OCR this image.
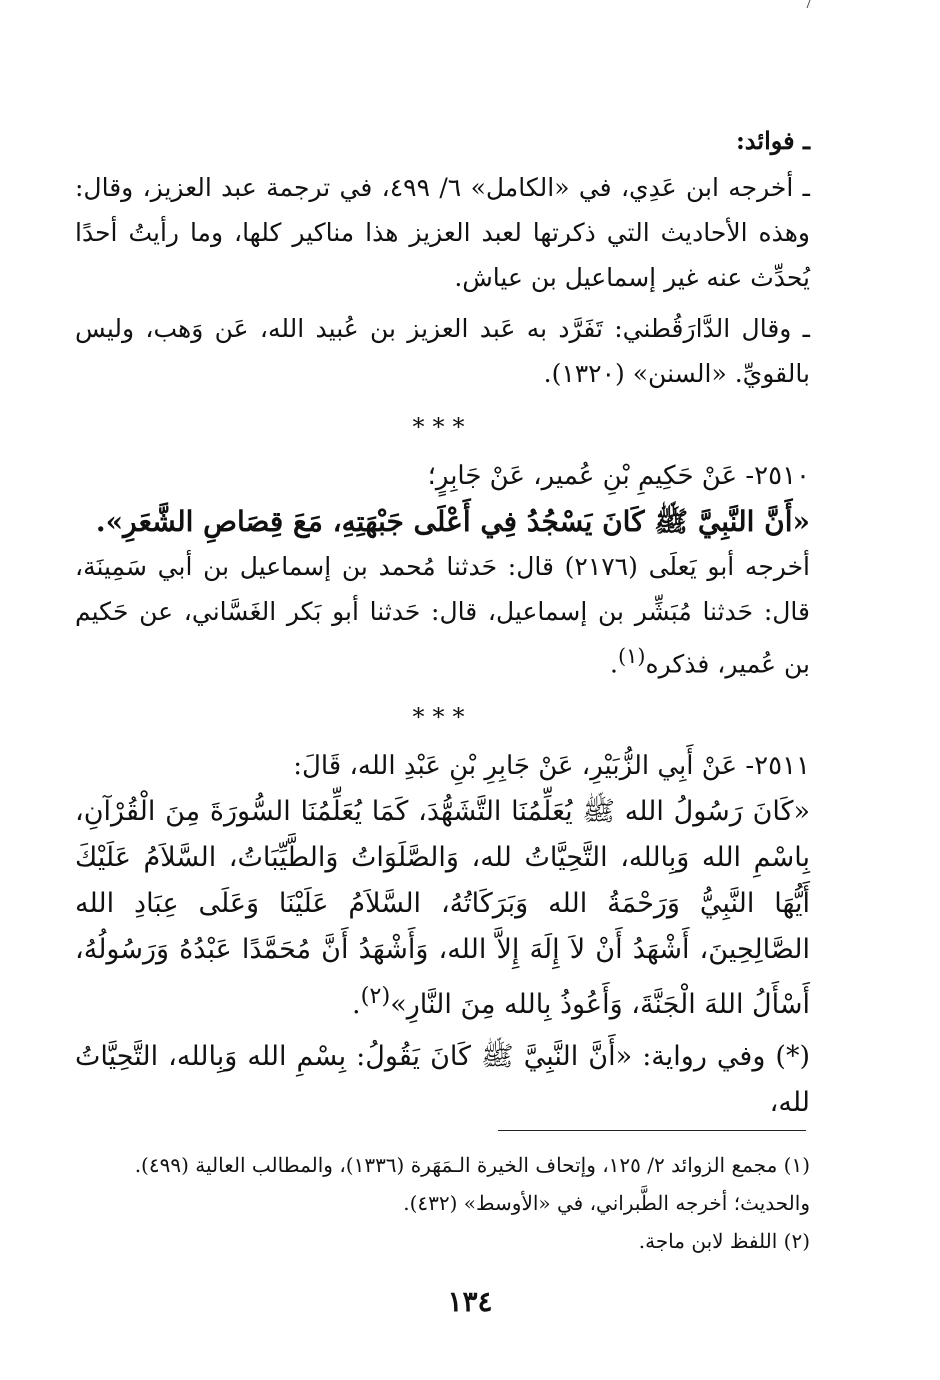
ـ فوائد:

ـ أخرجه ابن عَدِي، في «الكامل» ٦/ ٤٩٩، في ترجمة عبد العزيز، وقال: وهذه الأحاديث التي ذكرتها لعبد العزيز هذا مناكير كلها، وما رأيتُ أحدًا يُحدِّث عنه غير إسماعيل بن عياش.

ـ وقال الدَّارَقُطني: تَفَرَّد به عَبد العزيز بن عُبيد الله، عَن وَهب، وليس بالقويِّ. «السنن» (١٣٢٠).

***

٢٥١٠- عَنْ حَكِيمِ بْنِ عُمير، عَنْ جَابِرٍ؛

«أَنَّ النَّبِيَّ ﷺ كَانَ يَسْجُدُ فِي أَعْلَى جَبْهَتِهِ، مَعَ قِصَاصِ الشَّعَرِ».

أخرجه أبو يَعلَى (٢١٧٦) قال: حَدثنا مُحمد بن إسماعيل بن أبي سَمِينَة، قال: حَدثنا مُبَشِّر بن إسماعيل، قال: حَدثنا أبو بَكر الغَسَّاني، عن حَكيم بن عُمير، فذكره$^{(١)}$.

***

٢٥١١- عَنْ أَبِي الزُّبَيْرِ، عَنْ جَابِرِ بْنِ عَبْدِ الله، قَالَ:

«كَانَ رَسُولُ الله ﷺ يُعَلِّمُنَا التَّشَهُّدَ، كَمَا يُعَلِّمُنَا السُّورَةَ مِنَ الْقُرْآنِ، بِاسْمِ الله وَبِالله، التَّحِيَّاتُ لله، وَالصَّلَوَاتُ وَالطَّيِّبَاتُ، السَّلاَمُ عَلَيْكَ أَيُّهَا النَّبِيُّ وَرَحْمَةُ الله وَبَرَكَاتُهُ، السَّلاَمُ عَلَيْنَا وَعَلَى عِبَادِ الله الصَّالِحِينَ، أَشْهَدُ أَنْ لاَ إِلَهَ إِلاَّ الله، وَأَشْهَدُ أَنَّ مُحَمَّدًا عَبْدُهُ وَرَسُولُهُ، أَسْأَلُ اللهَ الْجَنَّةَ، وَأَعُوذُ بِالله مِنَ النَّارِ»$^{(٢)}$.

(*) وفي رواية: «أَنَّ النَّبِيَّ ﷺ كَانَ يَقُولُ: بِسْمِ الله وَبِالله، التَّحِيَّاتُ لله،

(١) مجمع الزوائد ٢/ ١٢٥، وإتحاف الخيرة الـمَهَرة (١٣٣٦)، والمطالب العالية (٤٩٩).

والحديث؛ أخرجه الطَّبراني، في «الأوسط» (٤٣٢).

(٢) اللفظ لابن ماجة.

١٣٤
